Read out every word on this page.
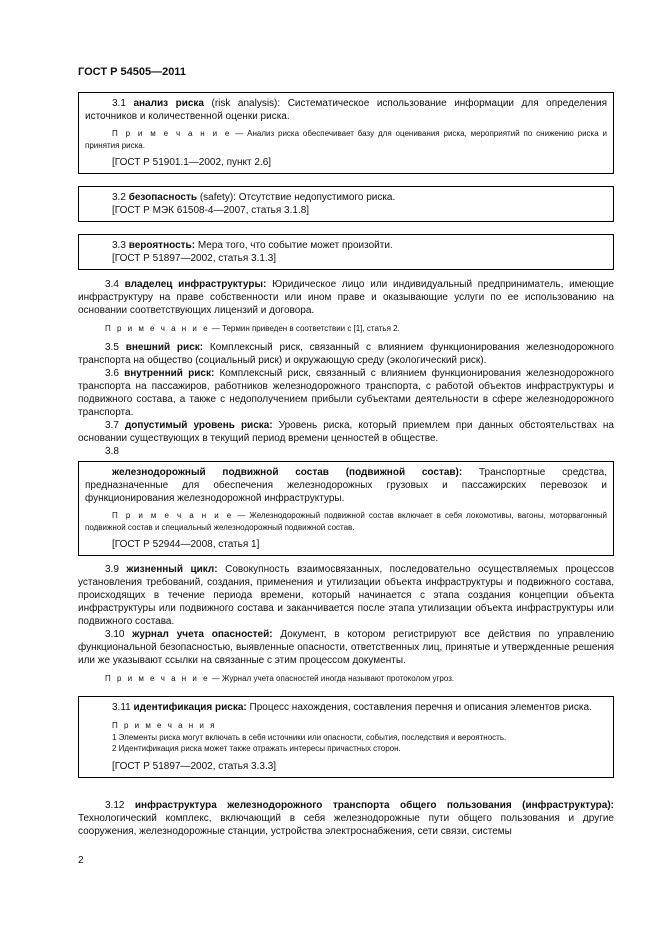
ГОСТ Р 54505—2011

3.1 анализ риска (risk analysis): Систематическое использование информации для определения источников и количественной оценки риска.

П р и м е ч а н и е — Анализ риска обеспечивает базу для оценивания риска, мероприятий по снижению риска и принятия риска.

[ГОСТ Р 51901.1—2002, пункт 2.6]

3.2 безопасность (safety): Отсутствие недопустимого риска.

[ГОСТ Р МЭК 61508-4—2007, статья 3.1.8]

3.3 вероятность: Мера того, что событие может произойти.

[ГОСТ Р 51897—2002, статья 3.1.3]

3.4 владелец инфраструктуры: Юридическое лицо или индивидуальный предприниматель, имеющие инфраструктуру на праве собственности или ином праве и оказывающие услуги по ее использованию на основании соответствующих лицензий и договора.

П р и м е ч а н и е — Термин приведен в соответствии с [1], статья 2.

3.5 внешний риск: Комплексный риск, связанный с влиянием функционирования железнодорожного транспорта на общество (социальный риск) и окружающую среду (экологический риск).

3.6 внутренний риск: Комплексный риск, связанный с влиянием функционирования железнодорожного транспорта на пассажиров, работников железнодорожного транспорта, с работой объектов инфраструктуры и подвижного состава, а также с недополучением прибыли субъектами деятельности в сфере железнодорожного транспорта.

3.7 допустимый уровень риска: Уровень риска, который приемлем при данных обстоятельствах на основании существующих в текущий период времени ценностей в обществе.

3.8

железнодорожный подвижной состав (подвижной состав): Транспортные средства, предназначенные для обеспечения железнодорожных грузовых и пассажирских перевозок и функционирования железнодорожной инфраструктуры.

П р и м е ч а н и е — Железнодорожный подвижной состав включает в себя локомотивы, вагоны, моторвагонный подвижной состав и специальный железнодорожный подвижной состав.

[ГОСТ Р 52944—2008, статья 1]

3.9 жизненный цикл: Совокупность взаимосвязанных, последовательно осуществляемых процессов установления требований, создания, применения и утилизации объекта инфраструктуры и подвижного состава, происходящих в течение периода времени, который начинается с этапа создания концепции объекта инфраструктуры или подвижного состава и заканчивается после этапа утилизации объекта инфраструктуры или подвижного состава.

3.10 журнал учета опасностей: Документ, в котором регистрируют все действия по управлению функциональной безопасностью, выявленные опасности, ответственных лиц, принятые и утвержденные решения или же указывают ссылки на связанные с этим процессом документы.

П р и м е ч а н и е — Журнал учета опасностей иногда называют протоколом угроз.

3.11 идентификация риска: Процесс нахождения, составления перечня и описания элементов риска.

П р и м е ч а н и я

1 Элементы риска могут включать в себя источники или опасности, события, последствия и вероятность.

2 Идентификация риска может также отражать интересы причастных сторон.

[ГОСТ Р 51897—2002, статья 3.3.3]

3.12 инфраструктура железнодорожного транспорта общего пользования (инфраструктура): Технологический комплекс, включающий в себя железнодорожные пути общего пользования и другие сооружения, железнодорожные станции, устройства электроснабжения, сети связи, системы

2
